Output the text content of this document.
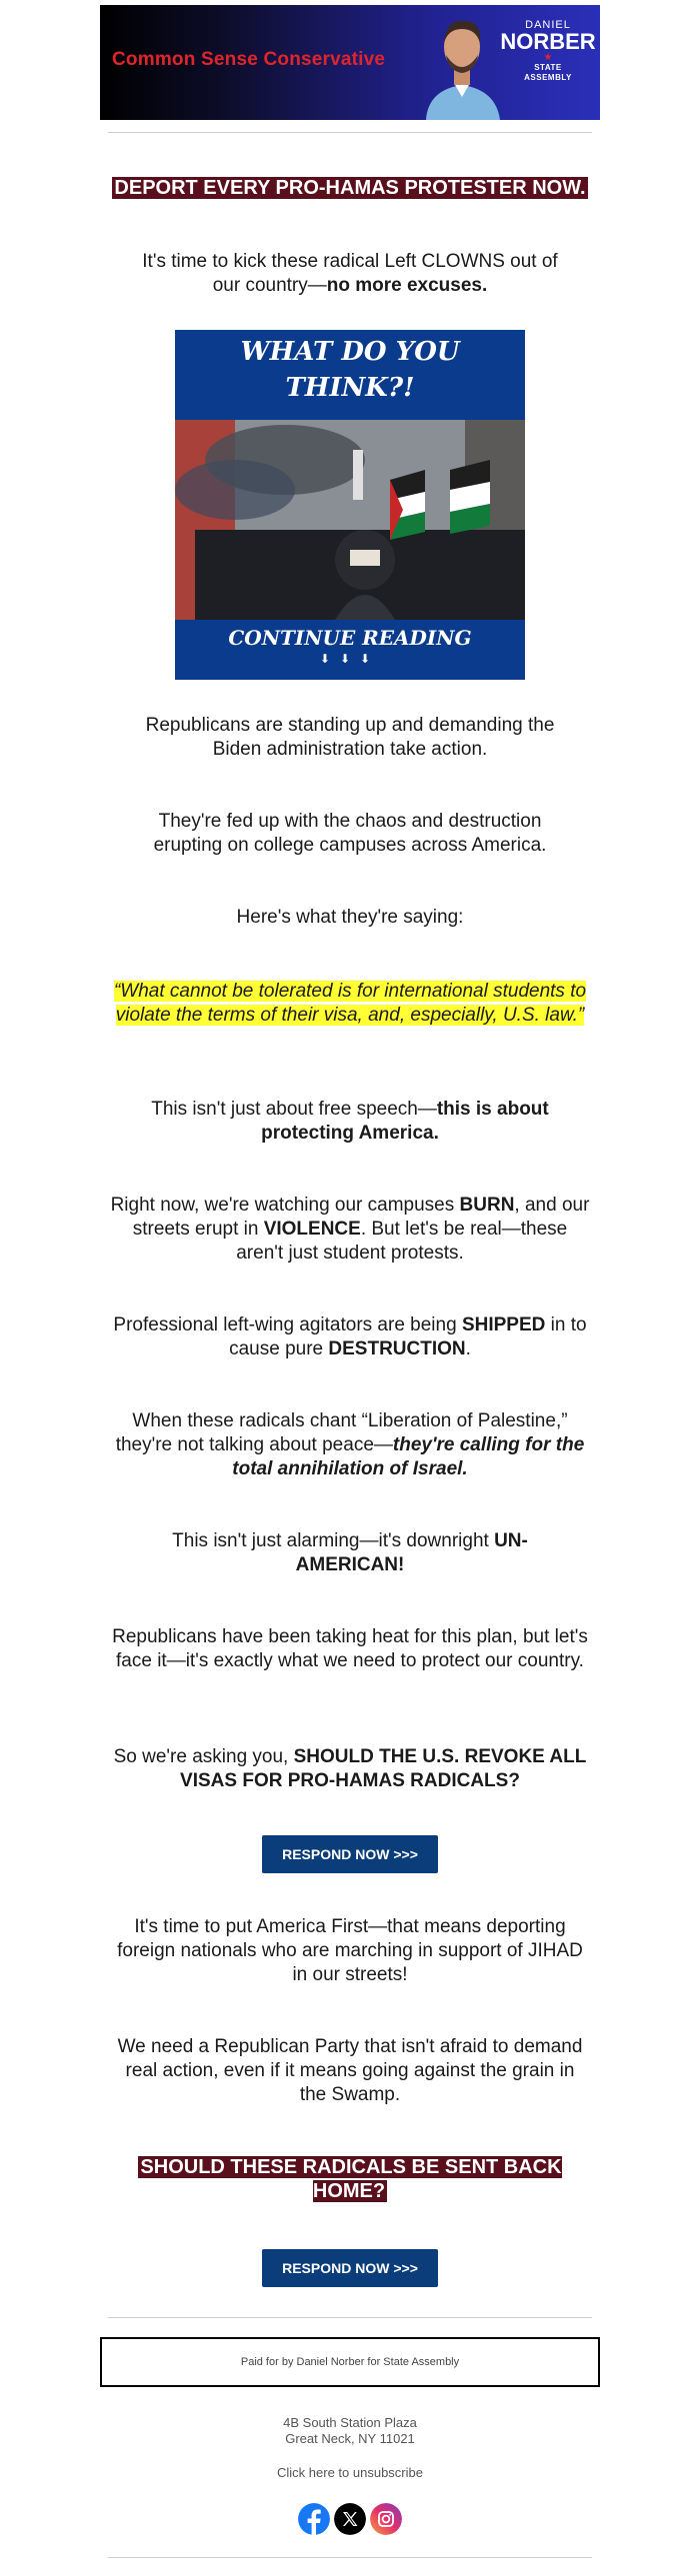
Common Sense Conservative
DANIEL
NORBER
★
STATE
ASSEMBLY
DEPORT EVERY PRO-HAMAS PROTESTER NOW.
It's time to kick these radical Left CLOWNS out of our country—no more excuses.
WHAT DO YOU THINK?!
CONTINUE READING
⬇⬇⬇
Republicans are standing up and demanding the Biden administration take action.
They're fed up with the chaos and destruction erupting on college campuses across America.
Here's what they're saying:
“What cannot be tolerated is for international students to violate the terms of their visa, and, especially, U.S. law.”
This isn't just about free speech—this is about protecting America.
Right now, we're watching our campuses BURN, and our streets erupt in VIOLENCE. But let's be real—these aren't just student protests.
Professional left-wing agitators are being SHIPPED in to cause pure DESTRUCTION.
When these radicals chant “Liberation of Palestine,” they're not talking about peace—they're calling for the total annihilation of Israel.
This isn't just alarming—it's downright UN-AMERICAN!
Republicans have been taking heat for this plan, but let's face it—it's exactly what we need to protect our country.
So we're asking you, SHOULD THE U.S. REVOKE ALL VISAS FOR PRO-HAMAS RADICALS?
RESPOND NOW >>>
It's time to put America First—that means deporting foreign nationals who are marching in support of JIHAD in our streets!
We need a Republican Party that isn't afraid to demand real action, even if it means going against the grain in the Swamp.
SHOULD THESE RADICALS BE SENT BACK HOME?
RESPOND NOW >>>
Paid for by Daniel Norber for State Assembly
4B South Station Plaza
Great Neck, NY 11021
Click here to unsubscribe
